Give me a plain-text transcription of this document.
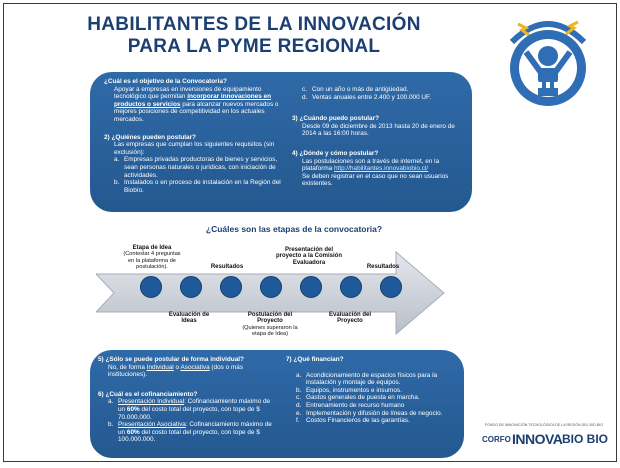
HABILITANTES DE LA INNOVACIÓN
PARA LA PYME REGIONAL
¿Cuál es el objetivo de la Convocatoria?
Apoyar a empresas en inversiones de equipamiento tecnológico que permitan incorporar innovaciones en productos o servicios para alcanzar nuevos mercados o mejores posiciones de competitividad en los actuales mercados.
2) ¿Quiénes pueden postular?
Las empresas que cumplan los siguientes requisitos (sin exclusión):
a. Empresas privadas productoras de bienes y servicios, sean personas naturales o jurídicas, con iniciación de actividades.
b. Instalados o en proceso de instalación en la Región del Biobío.
c. Con un año o más de antigüedad.
d. Ventas anuales entre 2.400 y 100.000 UF.
3) ¿Cuándo puedo postular?
Desde 09 de diciembre de 2013 hasta 20 de enero de 2014 a las 16:00 horas.
4) ¿Dónde y cómo postular?
Las postulaciones son a través de internet, en la plataforma http://habilitantes.innovabiobio.cl/
Se deben registrar en el caso que no sean usuarios existentes.
¿Cuáles son las etapas de la convocatoria?
Etapa de Idea
(Contestar 4 preguntas en la plataforma de postulación).	Resultados
Presentación del proyecto a la Comisión Evaluadora
Resultados
Evaluación de Ideas
Postulación del Proyecto
(Quienes superaron la etapa de Idea)
Evaluación del Proyecto
5) ¿Sólo se puede postular de forma individual?
No, de forma Individual o Asociativa (dos o más instituciones).
6) ¿Cuál es el cofinanciamiento?
a. Presentación Individual: Cofinanciamiento máximo de un 60% del costo total del proyecto, con tope de $ 70.000.000.
b. Presentación Asociativa: Cofinanciamiento máximo de un 60% del costo total del proyecto, con tope de $ 100.000.000.
7) ¿Qué financian?
a. Acondicionamiento de espacios físicos para la instalación y montaje de equipos.
b. Equipos, instrumentos e insumos.
c. Gastos generales de puesta en marcha.
d. Entrenamiento de recurso humano
e. Implementación y difusión de líneas de negocio.
f.	Costos Financieros de las garantías.
FONDO DE INNOVACIÓN TECNOLÓGICA DE LA REGIÓN DEL BIO-BIO
CORFO INNOVA BIO BIO
